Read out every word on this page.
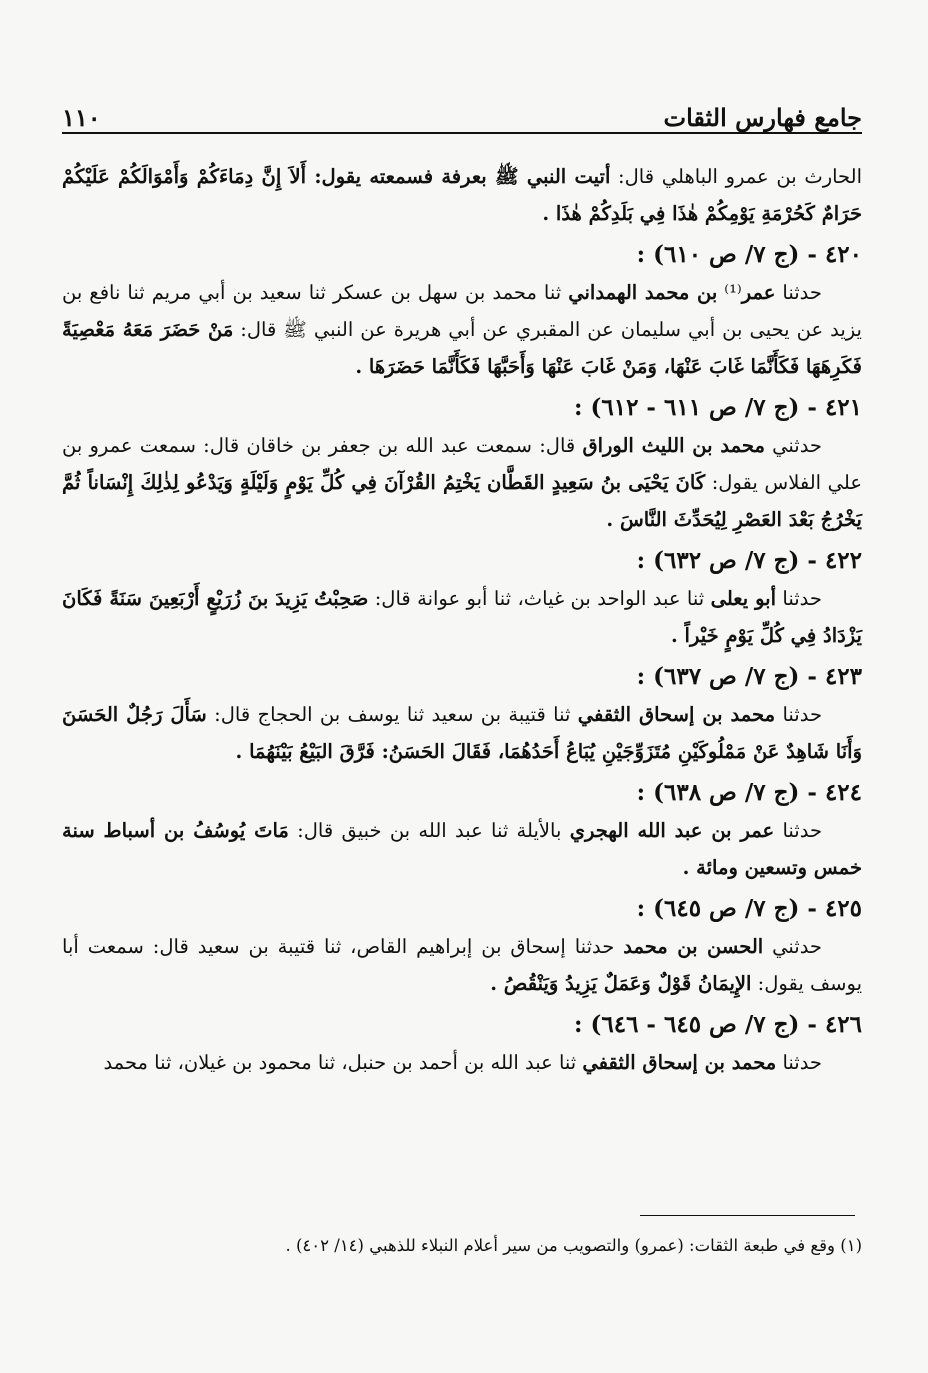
جامع فهارس الثقات
١١٠

الحارث بن عمرو الباهلي قال: أتيت النبي ﷺ بعرفة فسمعته يقول: أَلاَ إِنَّ دِمَاءَكُمْ وَأَمْوَالَكُمْ عَلَيْكُمْ حَرَامٌ كَحُرْمَةِ يَوْمِكُمْ هٰذَا فِي بَلَدِكُمْ هٰذَا .

٤٢٠ - (ج ٧/ ص ٦١٠) :

حدثنا عمر⁽¹⁾ بن محمد الهمداني ثنا محمد بن سهل بن عسكر ثنا سعيد بن أبي مريم ثنا نافع بن يزيد عن يحيى بن أبي سليمان عن المقبري عن أبي هريرة عن النبي ﷺ قال: مَنْ حَضَرَ مَعَهُ مَعْصِيَةً فَكَرِهَهَا فَكَأَنَّمَا غَابَ عَنْهَا، وَمَنْ غَابَ عَنْهَا وَأَحَبَّهَا فَكَأَنَّمَا حَضَرَهَا .

٤٢١ - (ج ٧/ ص ٦١١ - ٦١٢) :

حدثني محمد بن الليث الوراق قال: سمعت عبد الله بن جعفر بن خاقان قال: سمعت عمرو بن علي الفلاس يقول: كَانَ يَحْيَى بنُ سَعِيدٍ القَطَّان يَخْتِمُ القُرْآنَ فِي كُلِّ يَوْمٍ وَلَيْلَةٍ وَيَدْعُو لِذٰلِكَ إِنْسَاناً ثُمَّ يَخْرُجُ بَعْدَ العَصْرِ لِيُحَدِّثَ النَّاسَ .

٤٢٢ - (ج ٧/ ص ٦٣٢) :

حدثنا أبو يعلى ثنا عبد الواحد بن غياث، ثنا أبو عوانة قال: صَحِبْتُ يَزِيدَ بنَ زُرَيْعٍ أَرْبَعِينَ سَنَةً فَكَانَ يَزْدَادُ فِي كُلِّ يَوْمٍ خَيْراً .

٤٢٣ - (ج ٧/ ص ٦٣٧) :

حدثنا محمد بن إسحاق الثقفي ثنا قتيبة بن سعيد ثنا يوسف بن الحجاج قال: سَأَلَ رَجُلٌ الحَسَنَ وَأَنَا شَاهِدٌ عَنْ مَمْلُوكَيْنِ مُتَزَوِّجَيْنِ يُبَاعُ أَحَدُهُمَا، فَقَالَ الحَسَنُ: فَرَّقَ البَيْعُ بَيْنَهُمَا .

٤٢٤ - (ج ٧/ ص ٦٣٨) :

حدثنا عمر بن عبد الله الهجري بالأيلة ثنا عبد الله بن خبيق قال: مَاتَ يُوسُفُ بن أسباط سنة خمس وتسعين ومائة .

٤٢٥ - (ج ٧/ ص ٦٤٥) :

حدثني الحسن بن محمد حدثنا إسحاق بن إبراهيم القاص، ثنا قتيبة بن سعيد قال: سمعت أبا يوسف يقول: الإِيمَانُ قَوْلٌ وَعَمَلٌ يَزِيدُ وَيَنْقُصُ .

٤٢٦ - (ج ٧/ ص ٦٤٥ - ٦٤٦) :

حدثنا محمد بن إسحاق الثقفي ثنا عبد الله بن أحمد بن حنبل، ثنا محمود بن غيلان، ثنا محمد

(١) وقع في طبعة الثقات: (عمرو) والتصويب من سير أعلام النبلاء للذهبي (١٤/ ٤٠٢) .
